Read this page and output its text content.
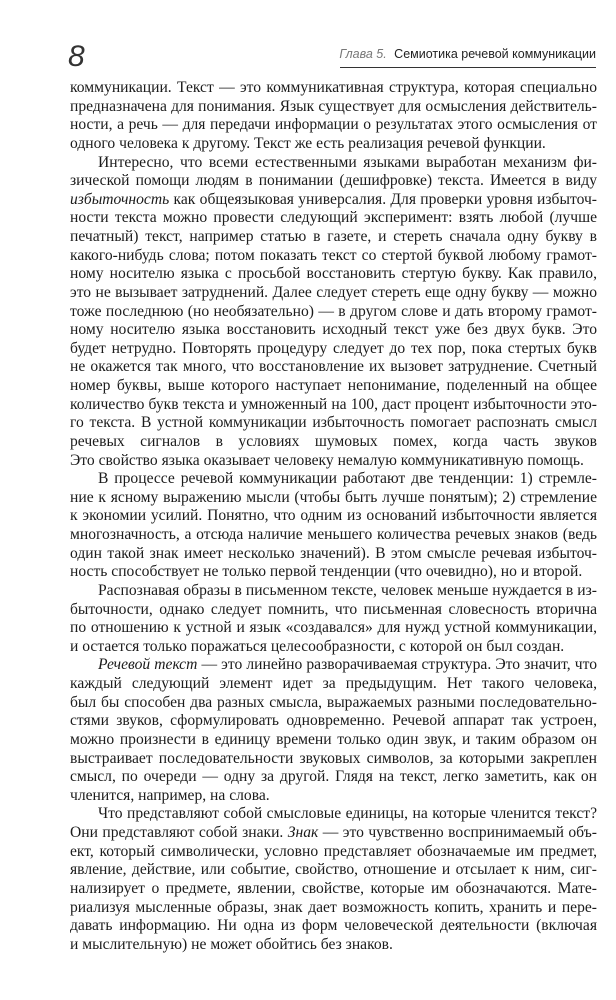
8	Глава 5. Семиотика речевой коммуникации
коммуникации. Текст — это коммуникативная структура, которая специально
предназначена для понимания. Язык существует для осмысления действитель-
ности, а речь — для передачи информации о результатах этого осмысления от
одного человека к другому. Текст же есть реализация речевой функции.
Интересно, что всеми естественными языками выработан механизм фи-
зической помощи людям в понимании (дешифровке) текста. Имеется в виду
избыточность как общеязыковая универсалия. Для проверки уровня избыточ-
ности текста можно провести следующий эксперимент: взять любой (лучше
печатный) текст, например статью в газете, и стереть сначала одну букву в
какого-нибудь слова; потом показать текст со стертой буквой любому грамот-
ному носителю языка с просьбой восстановить стертую букву. Как правило,
это не вызывает затруднений. Далее следует стереть еще одну букву — можно
тоже последнюю (но необязательно) — в другом слове и дать второму грамот-
ному носителю языка восстановить исходный текст уже без двух букв. Это
будет нетрудно. Повторять процедуру следует до тех пор, пока стертых букв
не окажется так много, что восстановление их вызовет затруднение. Счетный
номер буквы, выше которого наступает непонимание, поделенный на общее
количество букв текста и умноженный на 100, даст процент избыточности это-
го текста. В устной коммуникации избыточность помогает распознать смысл
речевых сигналов в условиях шумовых помех, когда часть звуков
Это свойство языка оказывает человеку немалую коммуникативную помощь.
В процессе речевой коммуникации работают две тенденции: 1) стремле-
ние к ясному выражению мысли (чтобы быть лучше понятым); 2) стремление
к экономии усилий. Понятно, что одним из оснований избыточности является
многозначность, а отсюда наличие меньшего количества речевых знаков (ведь
один такой знак имеет несколько значений). В этом смысле речевая избыточ-
ность способствует не только первой тенденции (что очевидно), но и второй.
Распознавая образы в письменном тексте, человек меньше нуждается в из-
быточности, однако следует помнить, что письменная словесность вторична
по отношению к устной и язык «создавался» для нужд устной коммуникации,
и остается только поражаться целесообразности, с которой он был создан.
Речевой текст — это линейно разворачиваемая структура. Это значит, что
каждый следующий элемент идет за предыдущим. Нет такого человека,
был бы способен два разных смысла, выражаемых разными последовательно-
стями звуков, сформулировать одновременно. Речевой аппарат так устроен,
можно произнести в единицу времени только один звук, и таким образом он
выстраивает последовательности звуковых символов, за которыми закреплен
смысл, по очереди — одну за другой. Глядя на текст, легко заметить, как он
членится, например, на слова.
Что представляют собой смысловые единицы, на которые членится текст?
Они представляют собой знаки. Знак — это чувственно воспринимаемый объ-
ект, который символически, условно представляет обозначаемые им предмет,
явление, действие, или событие, свойство, отношение и отсылает к ним, сиг-
нализирует о предмете, явлении, свойстве, которые им обозначаются. Мате-
риализуя мысленные образы, знак дает возможность копить, хранить и пере-
давать информацию. Ни одна из форм человеческой деятельности (включая
и мыслительную) не может обойтись без знаков.
